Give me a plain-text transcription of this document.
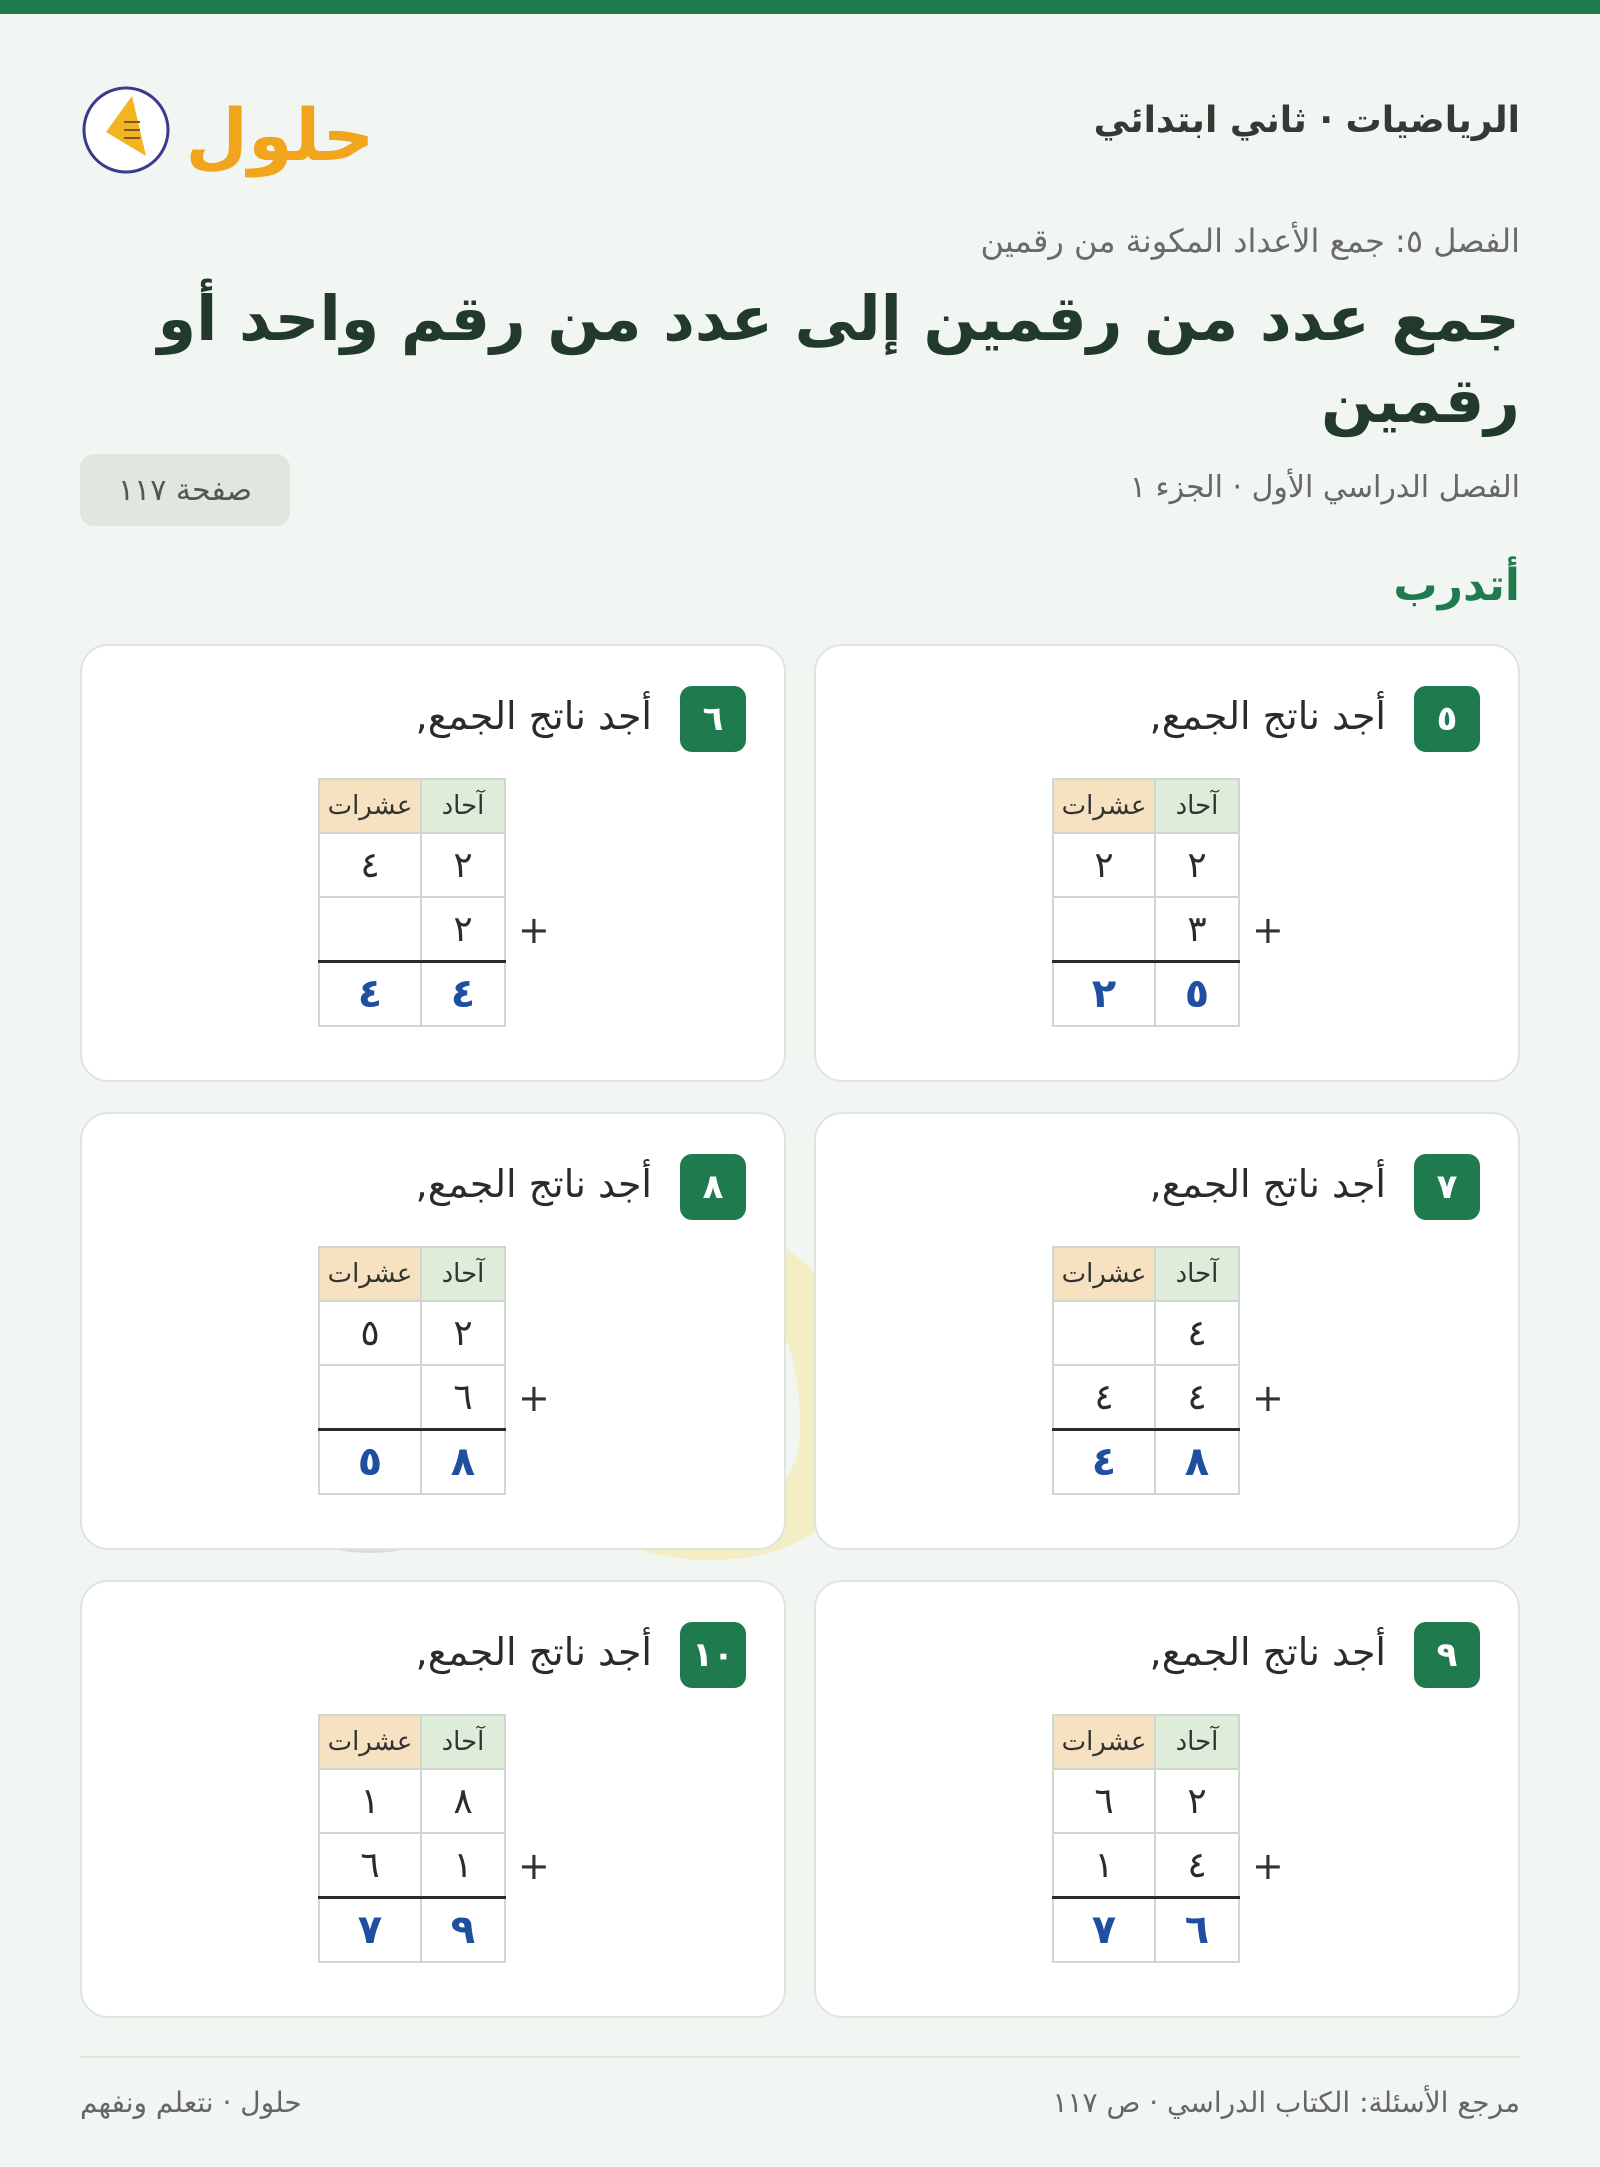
الرياضيات · ثاني ابتدائي
حلول
الفصل ٥: جمع الأعداد المكونة من رقمين
جمع عدد من رقمين إلى عدد من رقم واحد أو رقمين
الفصل الدراسي الأول · الجزء ١
صفحة ١١٧
أتدرب
٥
أجد ناتج الجمع,
عشرات	آحاد
٢	٢
	٣
٢	٥
+
٦
أجد ناتج الجمع,
عشرات	آحاد
٤	٢
	٢
٤	٤
+
٧
أجد ناتج الجمع,
عشرات	آحاد
	٤
٤	٤
٤	٨
+
٨
أجد ناتج الجمع,
عشرات	آحاد
٥	٢
	٦
٥	٨
+
٩
أجد ناتج الجمع,
عشرات	آحاد
٦	٢
١	٤
٧	٦
+
١٠
أجد ناتج الجمع,
عشرات	آحاد
١	٨
٦	١
٧	٩
+
مرجع الأسئلة: الكتاب الدراسي · ص ١١٧
حلول · نتعلم ونفهم
